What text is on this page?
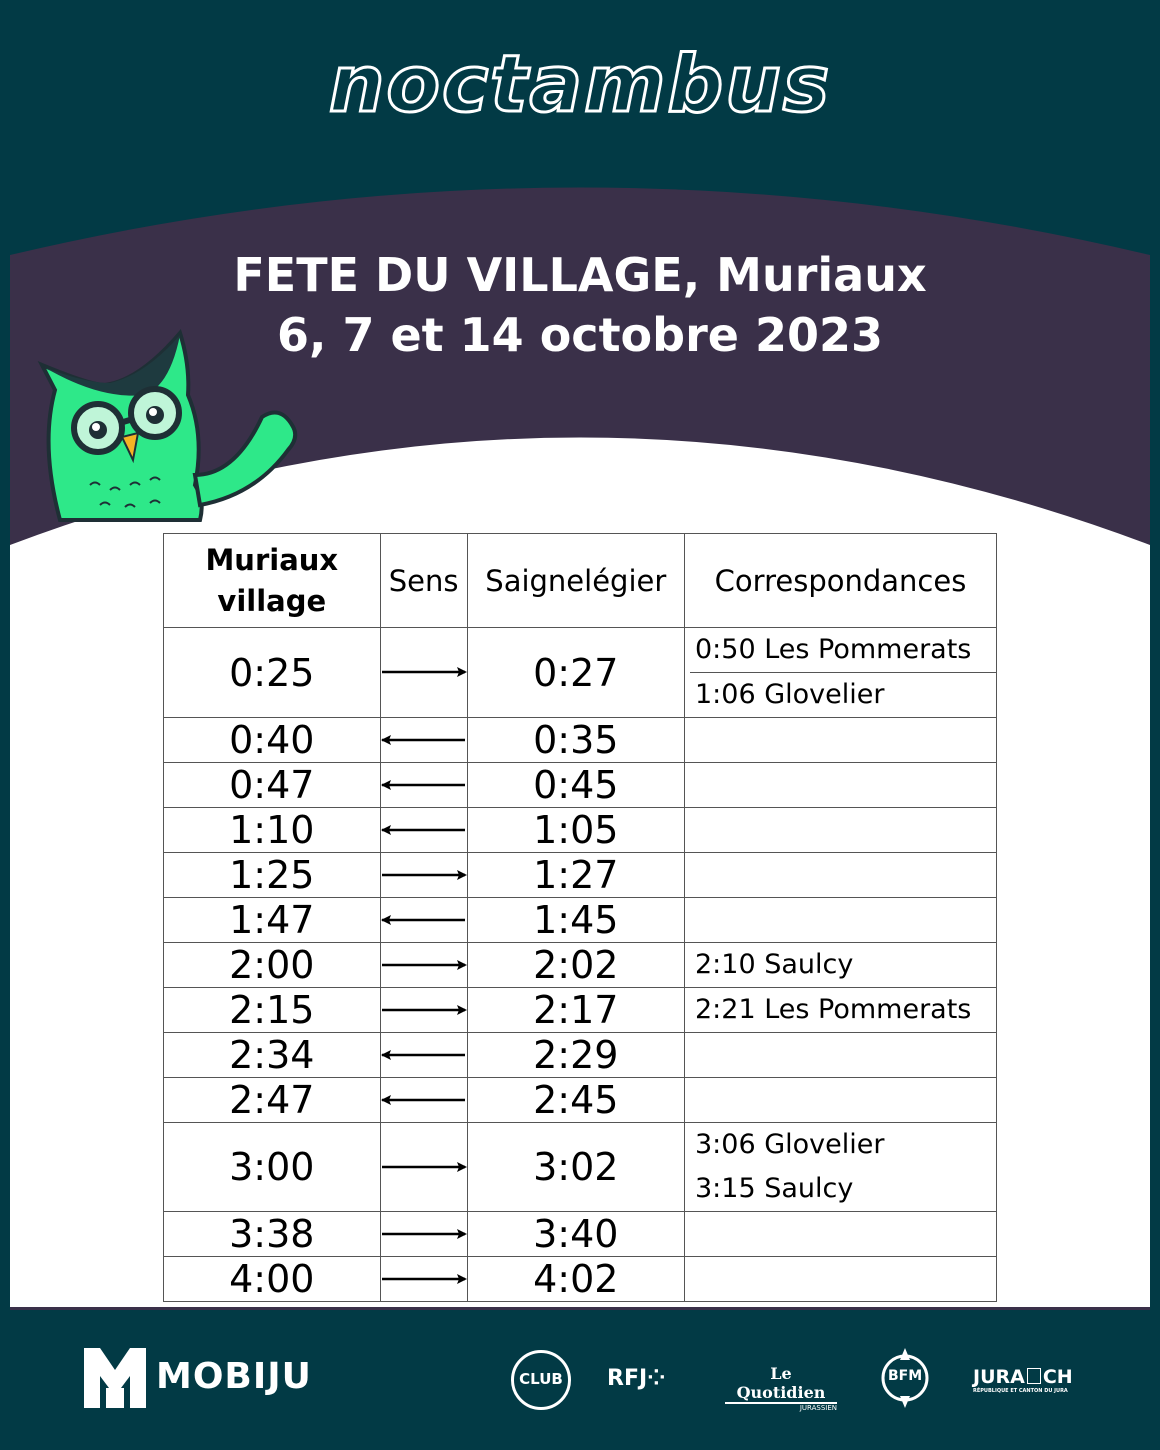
noctambus
FETE DU VILLAGE, Muriaux
6, 7 et 14 octobre 2023
Muriaux
village	Sens	Saignelégier	Correspondances
0:25		0:27	0:50 Les Pommerats
1:06 Glovelier

0:40		0:35	
0:47		0:45	
1:10		1:05	
1:25		1:27	
1:47		1:45	
2:00		2:02	2:10 Saulcy

2:15		2:17	2:21 Les Pommerats

2:34		2:29	
2:47		2:45	
3:00		3:02	3:06 Glovelier
3:15 Saulcy

3:38		3:40	
4:00		4:02	
MOBIJU	CLUB RFJ⁘	Le Quotidien
JURASSIEN
BFM	JURA CH
RÉPUBLIQUE ET CANTON DU JURA
